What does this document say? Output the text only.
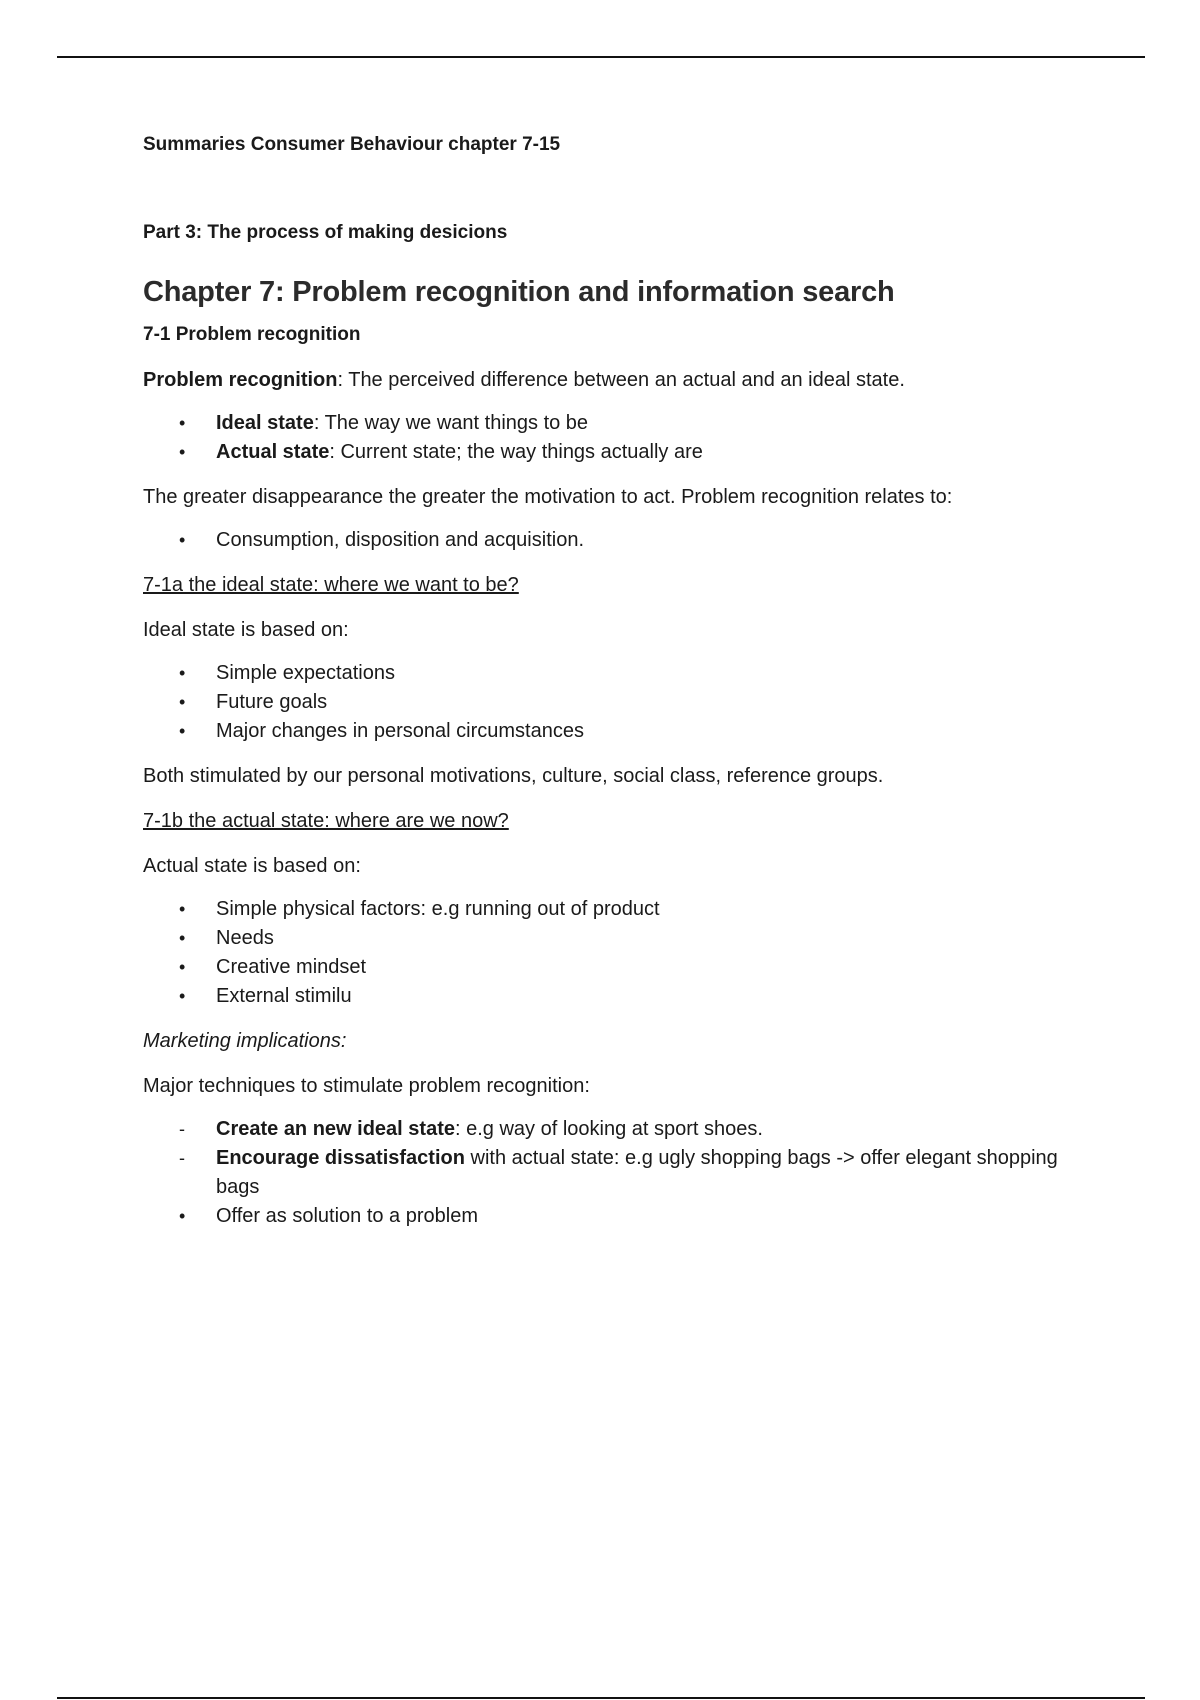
Summaries Consumer Behaviour chapter 7-15

Part 3: The process of making desicions

Chapter 7: Problem recognition and information search

7-1 Problem recognition

Problem recognition: The perceived difference between an actual and an ideal state.

•
Ideal state: The way we want things to be
•
Actual state: Current state; the way things actually are

The greater disappearance the greater the motivation to act. Problem recognition relates to:

•
Consumption, disposition and acquisition.

7-1a the ideal state: where we want to be?

Ideal state is based on:

•
Simple expectations
•
Future goals
•
Major changes in personal circumstances

Both stimulated by our personal motivations, culture, social class, reference groups.

7-1b the actual state: where are we now?

Actual state is based on:

•
Simple physical factors: e.g running out of product
•
Needs
•
Creative mindset
•
External stimilu

Marketing implications:

Major techniques to stimulate problem recognition:

-
Create an new ideal state: e.g way of looking at sport shoes.
-
Encourage dissatisfaction with actual state: e.g ugly shopping bags -> offer elegant shopping bags
•
Offer as solution to a problem
